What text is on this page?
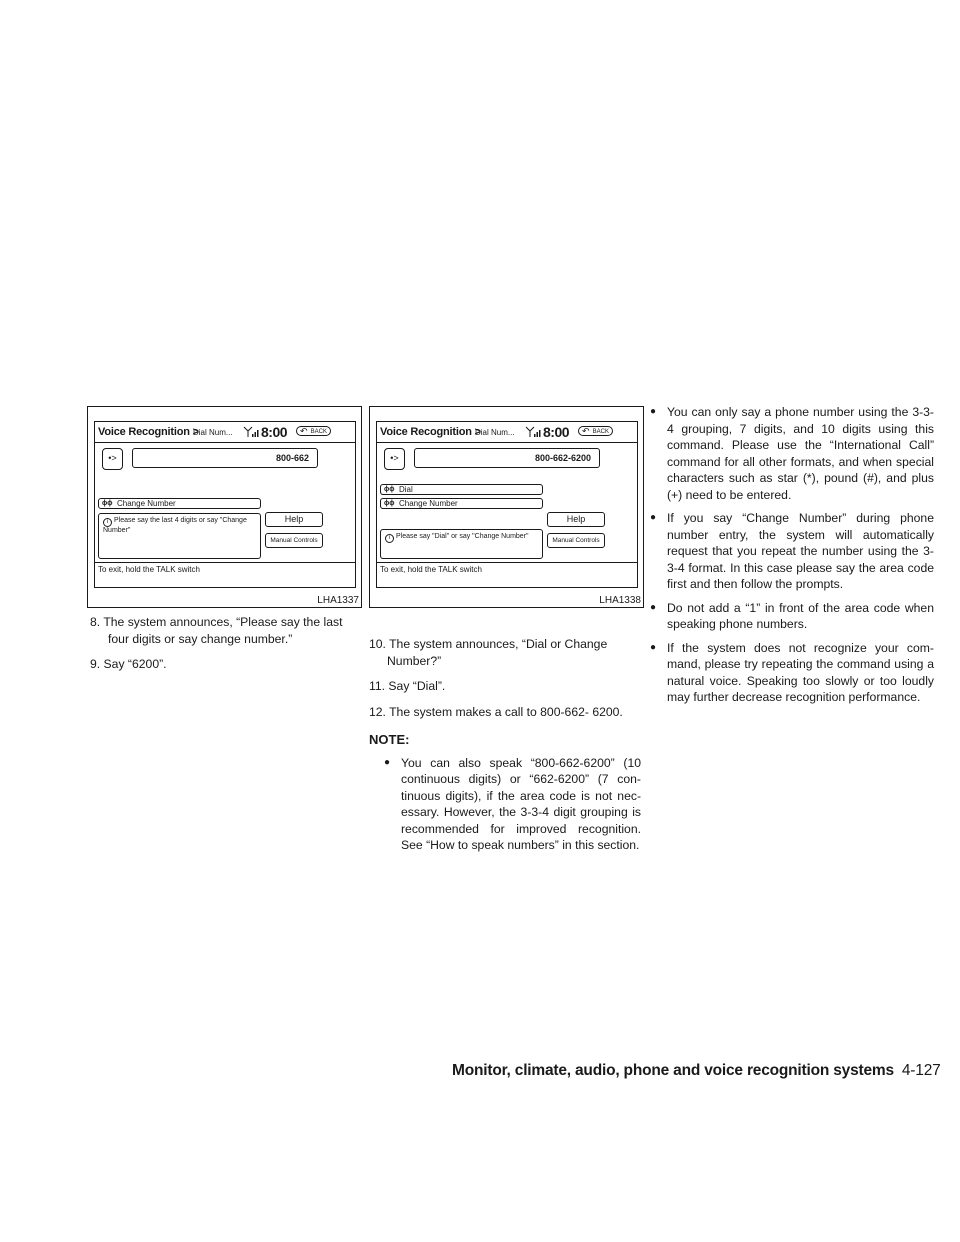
Voice Recognition >
Dial Num... 8:00	↶ BACK
•>	800-662
ɸɸ Change Number
Help
Manual Controls
i Please say the last 4 digits or say "Change Number"
To exit, hold the TALK switch
LHA1337
Voice Recognition >
Dial Num... 8:00	↶ BACK
•>	800-662-6200
ɸɸ Dial
ɸɸ Change Number
Help
Manual Controls
i Please say "Dial" or say "Change Number"
To exit, hold the TALK switch
LHA1338

8. The system announces, “Please say the last four digits or say change number.”

9. Say “6200”.

10. The system announces, “Dial or Change Number?”

11. Say “Dial”.

12. The system makes a call to 800-662- 6200.

NOTE:

● You can also speak “800-662-6200” (10 continuous digits) or “662-6200” (7 con- tinuous digits), if the area code is not nec- essary. However, the 3-3-4 digit grouping is recommended for improved recognition. See “How to speak numbers” in this section.

● You can only say a phone number using the 3-3-4 grouping, 7 digits, and 10 digits using this command. Please use the “International Call” command for all other formats, and when special characters such as star (*), pound (#), and plus (+) need to be entered.

● If you say “Change Number” during phone number entry, the system will automatically request that you repeat the number using the 3-3-4 format. In this case please say the area code first and then follow the prompts.

● Do not add a “1” in front of the area code when speaking phone numbers.

● If the system does not recognize your com- mand, please try repeating the command using a natural voice. Speaking too slowly or too loudly may further decrease recognition performance.

Monitor, climate, audio, phone and voice recognition systems 4-127
